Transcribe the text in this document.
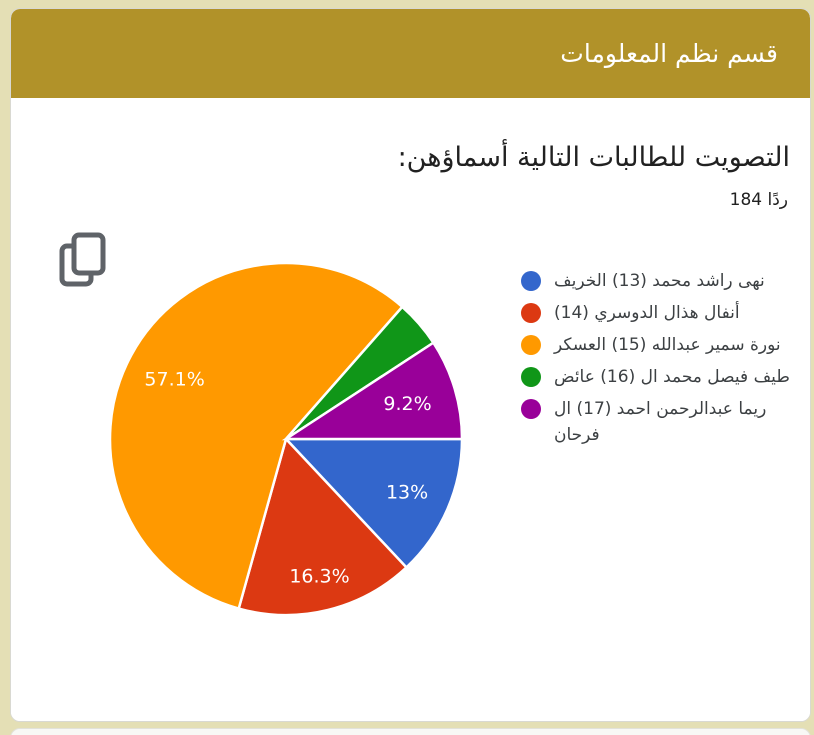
قسم نظم المعلومات
التصويت للطالبات التالية أسماؤهن:
184 ردًا
13%
16.3%
57.1%
9.2%
نهى راشد محمد (13) الخريف
أنفال هذال الدوسري (14)
نورة سمير عبدالله (15) العسكر
طيف فيصل محمد ال (16) عائض
ريما عبدالرحمن احمد (17) ال فرحان
